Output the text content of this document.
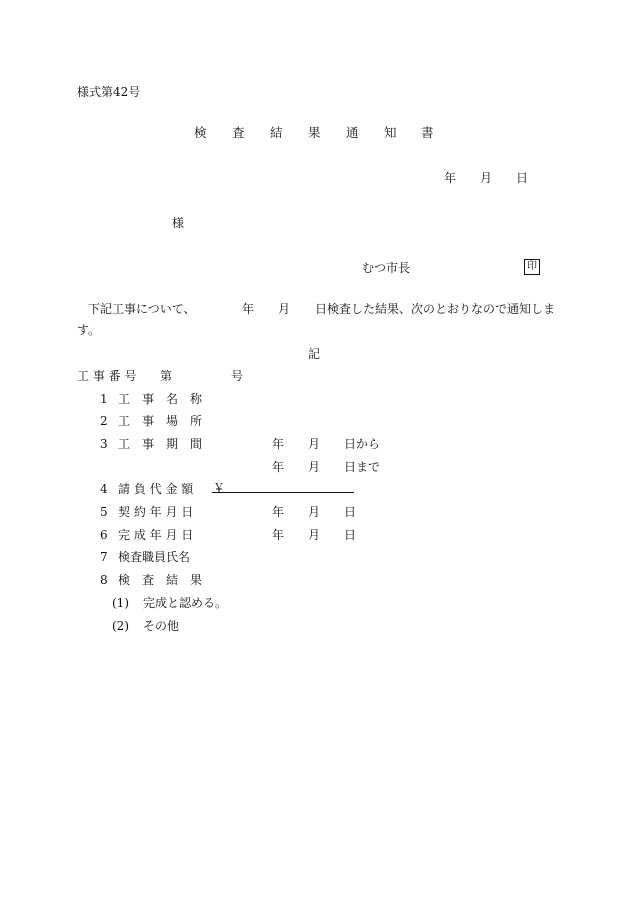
様式第42号
検 査 結 果 通 知 書
年 月 日
様
むつ市長	印
下記工事について、	年 月 日検査した結果、次のとおりなので通知しま
す。
記
工 事 番 号 第	号
1 工　事　名　称
2 工　事　場　所
3 工　事　期　間	年 月 日から
年 月 日まで
4 請 負 代 金 額 ￥
5 契 約 年 月 日	年 月 日
6 完 成 年 月 日	年 月 日
7 検査職員氏名
8 検　査　結　果
(1) 完成と認める。
(2) その他
